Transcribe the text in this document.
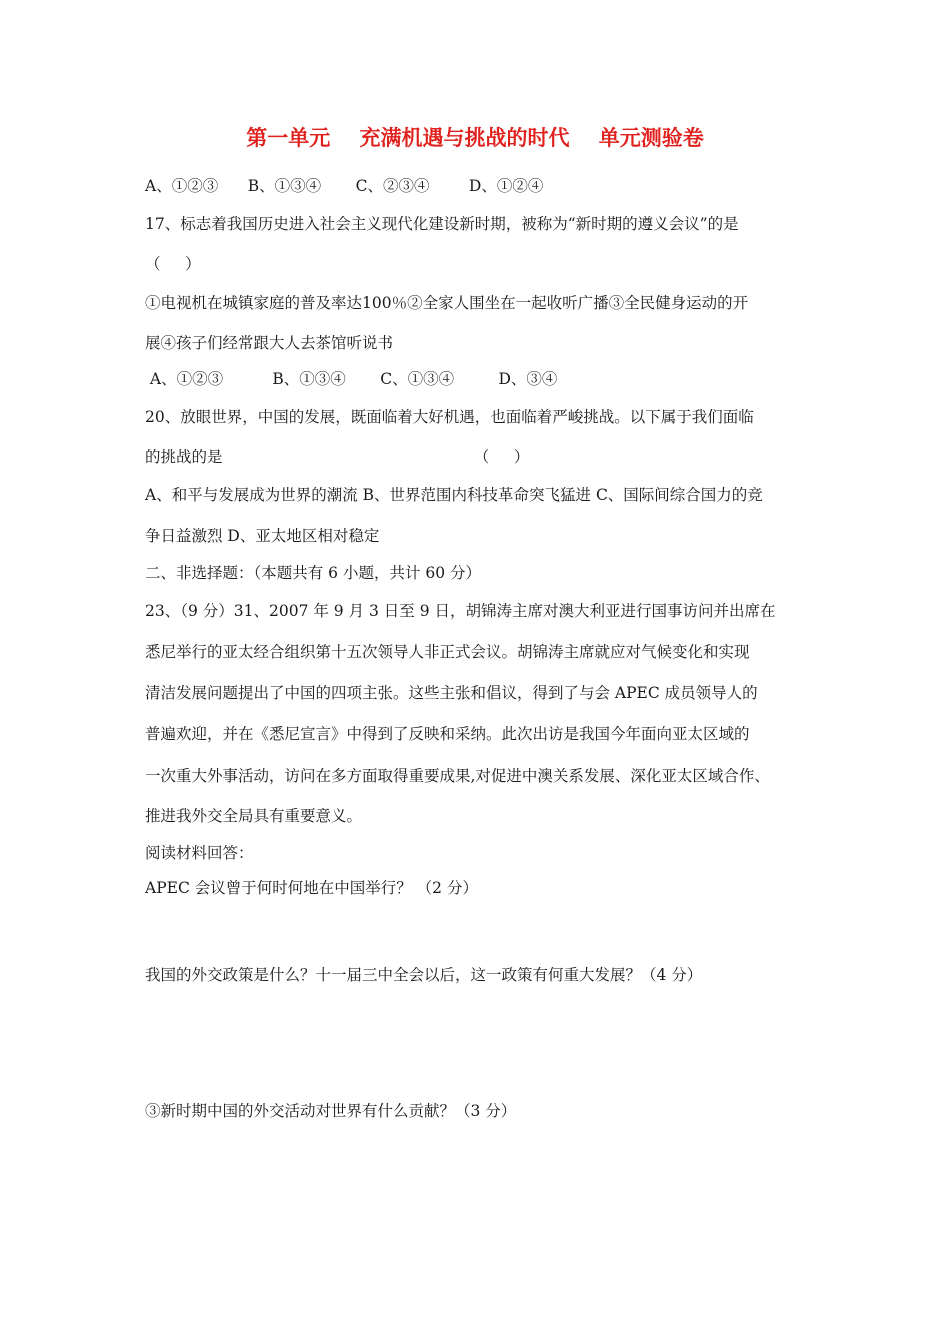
第一单元    充满机遇与挑战的时代    单元测验卷
A、①②③      B、①③④       C、②③④        D、①②④
17、标志着我国历史进入社会主义现代化建设新时期，被称为“新时期的遵义会议”的是
（     ）
①电视机在城镇家庭的普及率达100％②全家人围坐在一起收听广播③全民健身运动的开
展④孩子们经常跟大人去茶馆听说书
A、①②③          B、①③④       C、①③④         D、③④
20、放眼世界，中国的发展，既面临着大好机遇，也面临着严峻挑战。以下属于我们面临
的挑战的是                                                   （     ）
A、和平与发展成为世界的潮流 B、世界范围内科技革命突飞猛进 C、国际间综合国力的竞
争日益激烈 D、亚太地区相对稳定
二、非选择题：（本题共有 6 小题，共计 60 分）
23、（9 分）31、2007 年 9 月 3 日至 9 日，胡锦涛主席对澳大利亚进行国事访问并出席在
悉尼举行的亚太经合组织第十五次领导人非正式会议。胡锦涛主席就应对气候变化和实现
清洁发展问题提出了中国的四项主张。这些主张和倡议，得到了与会 APEC 成员领导人的
普遍欢迎，并在《悉尼宣言》中得到了反映和采纳。此次出访是我国今年面向亚太区域的
一次重大外事活动，访问在多方面取得重要成果,对促进中澳关系发展、深化亚太区域合作、
推进我外交全局具有重要意义。
阅读材料回答：
APEC 会议曾于何时何地在中国举行？ （2 分）
我国的外交政策是什么？十一届三中全会以后，这一政策有何重大发展？（4 分）
③新时期中国的外交活动对世界有什么贡献？（3 分）
